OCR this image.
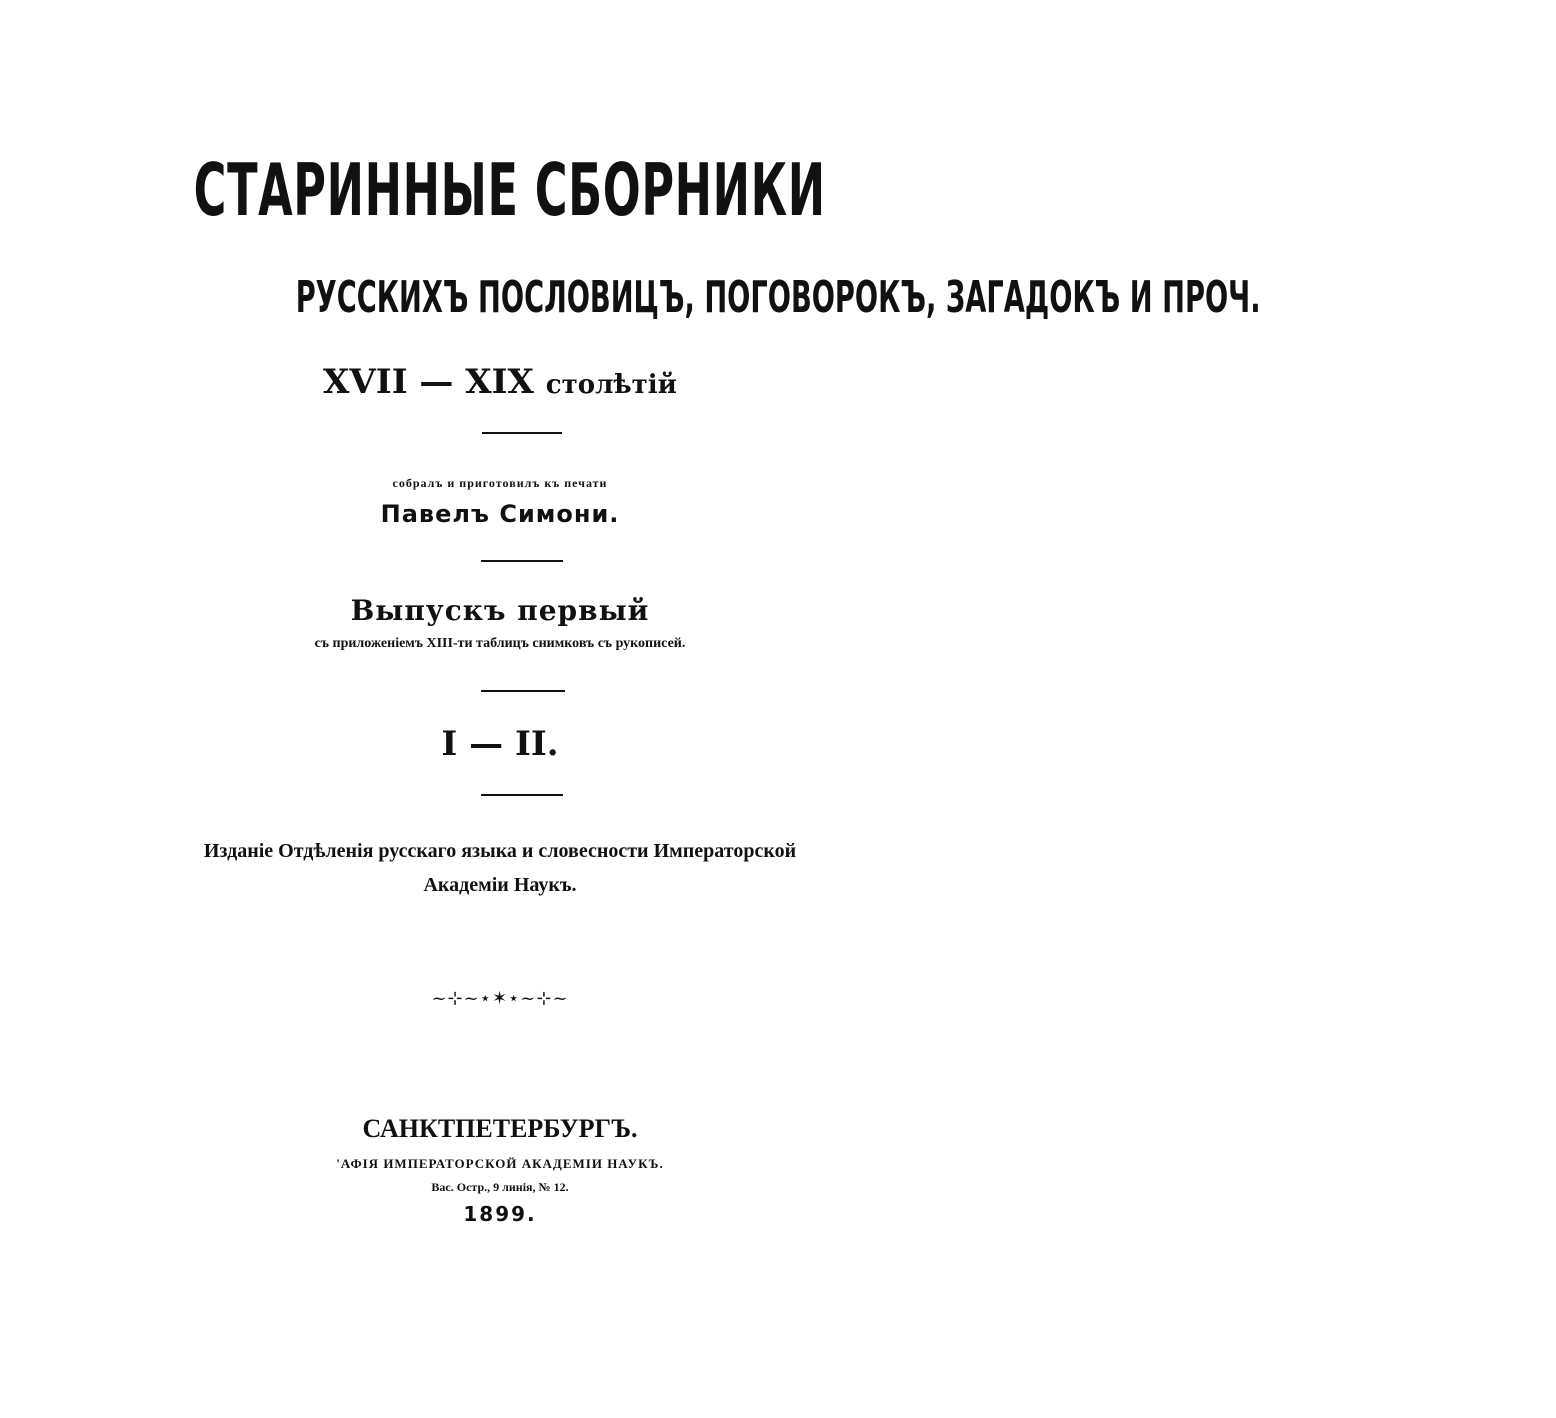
СТАРИННЫЕ СБОРНИКИ
РУССКИХЪ ПОСЛОВИЦЪ, ПОГОВОРОКЪ, ЗАГАДОКЪ И ПРОЧ.
XVII — XIX столѣтій
собралъ и приготовилъ къ печати
Павелъ Симони.
Выпускъ первый
съ приложеніемъ XIII-ти таблицъ снимковъ съ рукописей.
I — II.
Изданіе Отдѣленія русскаго языка и словесности Императорской
Академіи Наукъ.
~⊹~⋆✶⋆~⊹~
САНКТПЕТЕРБУРГЪ.
'АФІЯ ИМПЕРАТОРСКОЙ АКАДЕМІИ НАУКЪ.
Вас. Остр., 9 линія, № 12.
1899.
